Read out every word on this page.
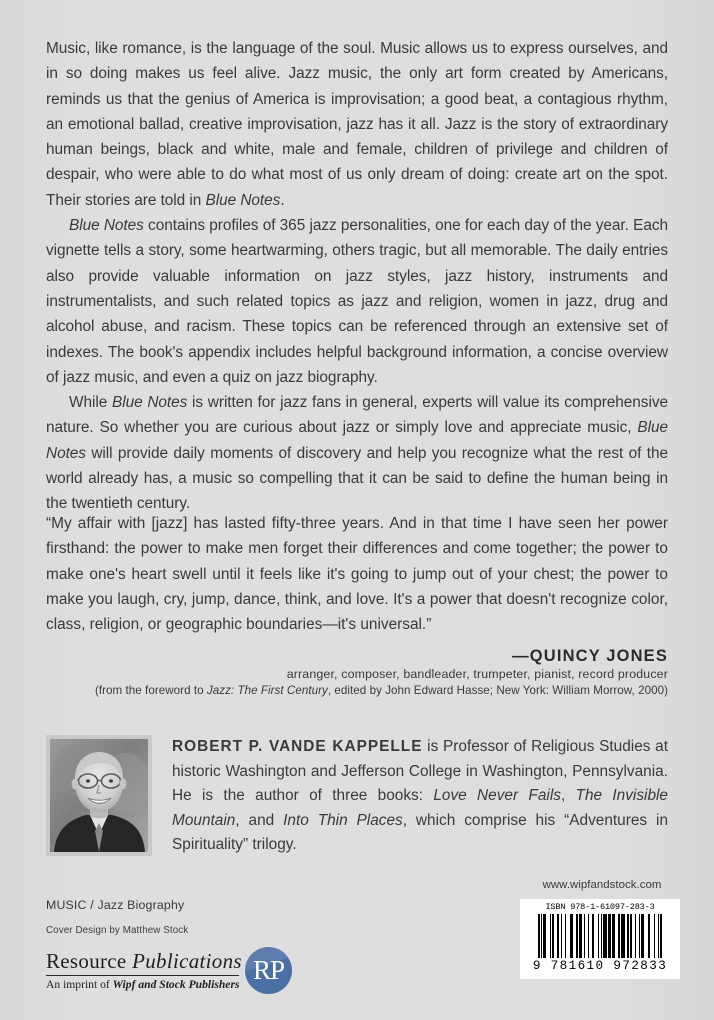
Music, like romance, is the language of the soul. Music allows us to express ourselves, and in so doing makes us feel alive. Jazz music, the only art form created by Americans, reminds us that the genius of America is improvisation; a good beat, a contagious rhythm, an emotional ballad, creative improvisation, jazz has it all. Jazz is the story of extraordinary human beings, black and white, male and female, children of privilege and children of despair, who were able to do what most of us only dream of doing: create art on the spot. Their stories are told in Blue Notes.

Blue Notes contains profiles of 365 jazz personalities, one for each day of the year. Each vignette tells a story, some heartwarming, others tragic, but all memorable. The daily entries also provide valuable information on jazz styles, jazz history, instruments and instrumentalists, and such related topics as jazz and religion, women in jazz, drug and alcohol abuse, and racism. These topics can be referenced through an extensive set of indexes. The book's appendix includes helpful background information, a concise overview of jazz music, and even a quiz on jazz biography.

While Blue Notes is written for jazz fans in general, experts will value its comprehensive nature. So whether you are curious about jazz or simply love and appreciate music, Blue Notes will provide daily moments of discovery and help you recognize what the rest of the world already has, a music so compelling that it can be said to define the human being in the twentieth century.

“My affair with [jazz] has lasted fifty-three years. And in that time I have seen her power firsthand: the power to make men forget their differences and come together; the power to make one's heart swell until it feels like it's going to jump out of your chest; the power to make you laugh, cry, jump, dance, think, and love. It's a power that doesn't recognize color, class, religion, or geographic boundaries—it's universal.”

—QUINCY JONES
arranger, composer, bandleader, trumpeter, pianist, record producer
(from the foreword to Jazz: The First Century, edited by John Edward Hasse; New York: William Morrow, 2000)
ROBERT P. VANDE KAPPELLE is Professor of Religious Studies at historic Washington and Jefferson College in Washington, Pennsylvania. He is the author of three books: Love Never Fails, The Invisible Mountain, and Into Thin Places, which comprise his “Adventures in Spirituality” trilogy.
MUSIC / Jazz Biography
Cover Design by Matthew Stock
Resource Publications
An imprint of Wipf and Stock Publishers RP
www.wipfandstock.com
ISBN 978-1-61097-283-3
9 781610 972833
